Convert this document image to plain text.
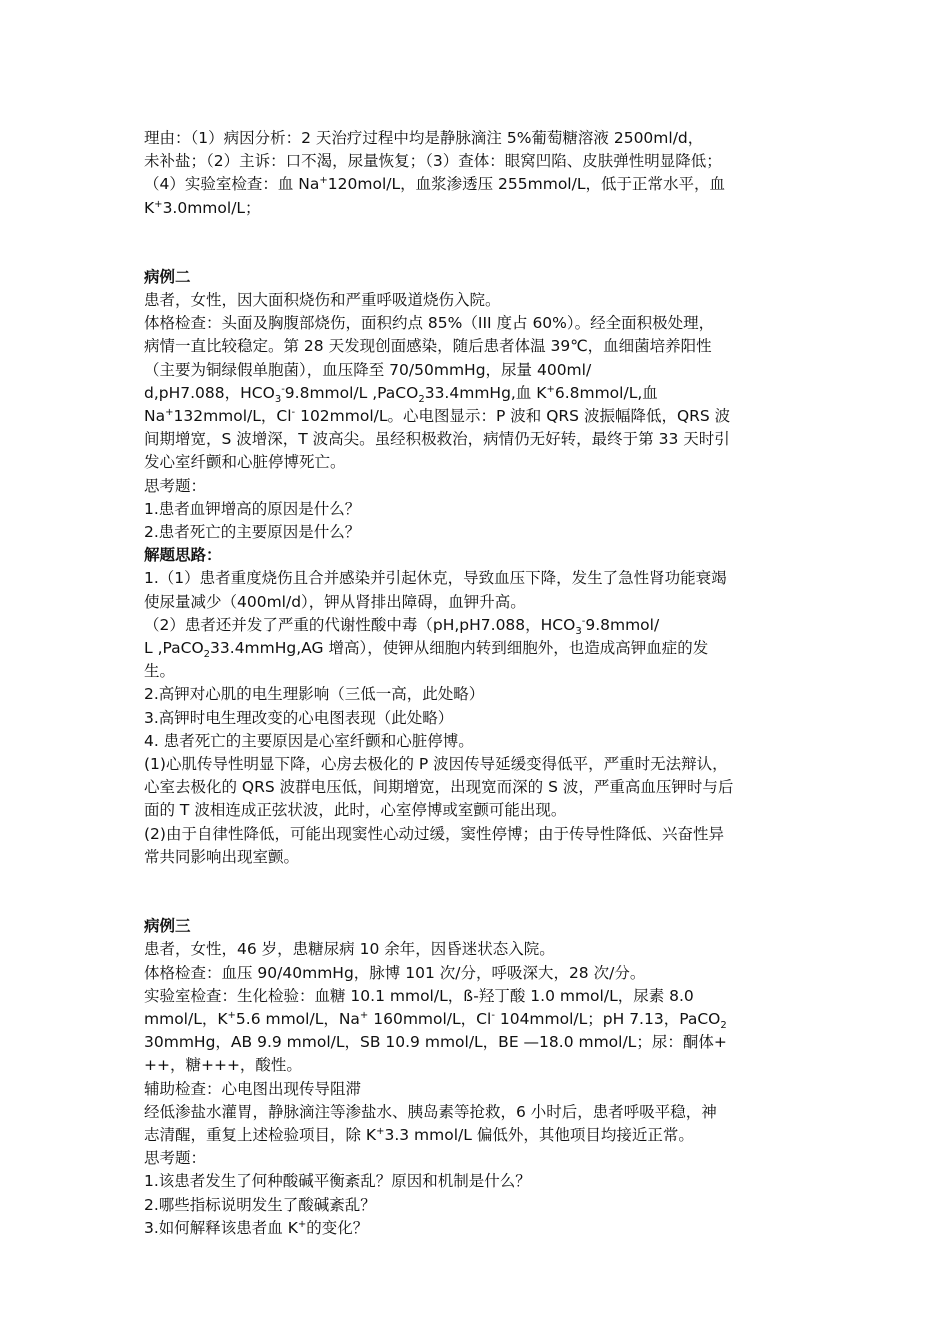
理由：（1）病因分析：2 天治疗过程中均是静脉滴注 5%葡萄糖溶液 2500ml/d，
未补盐；（2）主诉：口不渴，尿量恢复；（3）查体：眼窝凹陷、皮肤弹性明显降低；
（4）实验室检查：血 Na+120mol/L，血浆渗透压 255mmol/L，低于正常水平，血
K+3.0mmol/L；
病例二
患者，女性，因大面积烧伤和严重呼吸道烧伤入院。
体格检查：头面及胸腹部烧伤，面积约点 85%（III 度占 60%）。经全面积极处理，
病情一直比较稳定。第 28 天发现创面感染，随后患者体温 39℃，血细菌培养阳性
（主要为铜绿假单胞菌），血压降至 70/50mmHg，尿量 400ml/
d,pH7.088，$HCO_3^-9.8mmol/L$ ,PaCO$_2$33.4mmHg,血 K+6.8mmol/L,血
Na+132mmol/L，Cl- 102mmol/L。心电图显示：P 波和 QRS 波振幅降低，QRS 波
间期增宽，S 波增深，T 波高尖。虽经积极救治，病情仍无好转，最终于第 33 天时引
发心室纤颤和心脏停博死亡。
思考题：
1.患者血钾增高的原因是什么？
2.患者死亡的主要原因是什么？
解题思路：
1.（1）患者重度烧伤且合并感染并引起休克，导致血压下降，发生了急性肾功能衰竭
使尿量减少（400ml/d），钾从肾排出障碍，血钾升高。
（2）患者还并发了严重的代谢性酸中毒（pH,pH7.088，$HCO_3^-9.8mmol/$
L ,PaCO$_2$33.4mmHg,AG 增高），使钾从细胞内转到细胞外，也造成高钾血症的发
生。
2.高钾对心肌的电生理影响（三低一高，此处略）
3.高钾时电生理改变的心电图表现（此处略）
4. 患者死亡的主要原因是心室纤颤和心脏停博。
(1)心肌传导性明显下降，心房去极化的 P 波因传导延缓变得低平，严重时无法辩认，
心室去极化的 QRS 波群电压低，间期增宽，出现宽而深的 S 波，严重高血压钾时与后
面的 T 波相连成正弦状波，此时，心室停博或室颤可能出现。
(2)由于自律性降低，可能出现窦性心动过缓，窦性停博；由于传导性降低、兴奋性异
常共同影响出现室颤。
病例三
患者，女性，46 岁，患糖尿病 10 余年，因昏迷状态入院。
体格检查：血压 90/40mmHg，脉博 101 次/分，呼吸深大，28 次/分。
实验室检查：生化检验：血糖 10.1 mmol/L，ß-羟丁酸 1.0 mmol/L，尿素 8.0
mmol/L，K+5.6 mmol/L，Na+ 160mmol/L，Cl- 104mmol/L；pH 7.13，PaCO$_2$
30mmHg，AB 9.9 mmol/L，SB 10.9 mmol/L，BE —18.0 mmol/L；尿：酮体+
++，糖+++，酸性。
辅助检查：心电图出现传导阻滞
经低渗盐水灌胃，静脉滴注等渗盐水、胰岛素等抢救，6 小时后，患者呼吸平稳，神
志清醒，重复上述检验项目，除 K+3.3 mmol/L 偏低外，其他项目均接近正常。
思考题：
1.该患者发生了何种酸碱平衡紊乱？原因和机制是什么？
2.哪些指标说明发生了酸碱紊乱？
3.如何解释该患者血 K+的变化？
